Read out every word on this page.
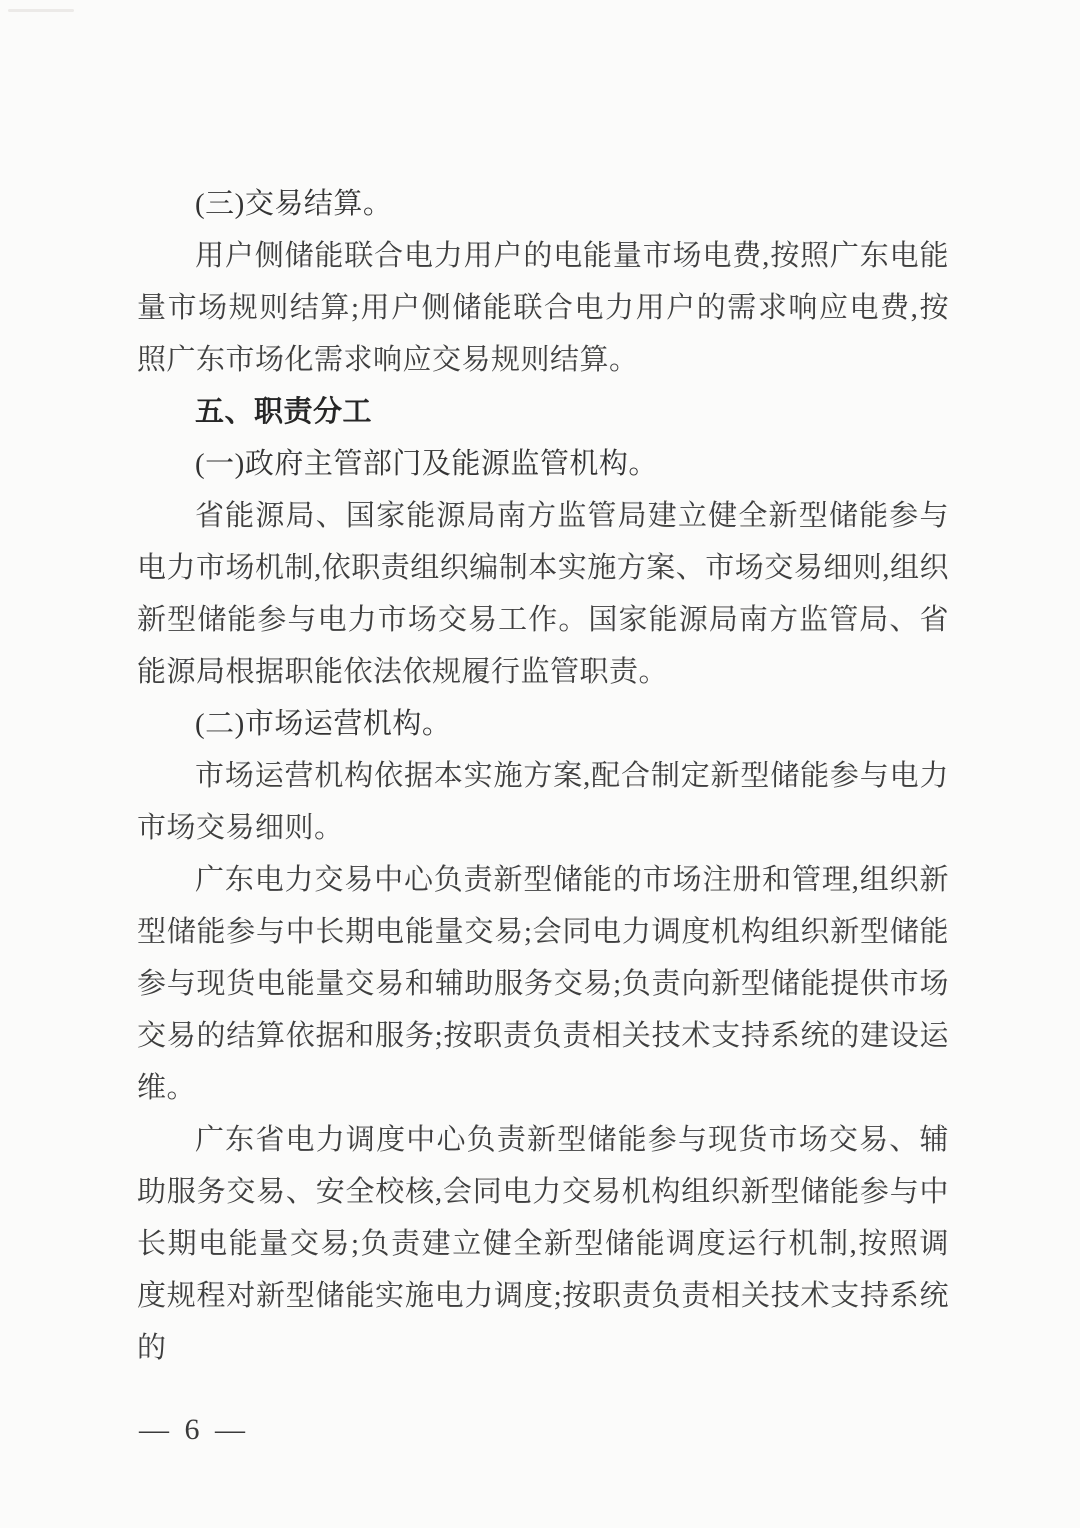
(三)交易结算。
用户侧储能联合电力用户的电能量市场电费,按照广东电能量市场规则结算;用户侧储能联合电力用户的需求响应电费,按照广东市场化需求响应交易规则结算。
五、职责分工
(一)政府主管部门及能源监管机构。
省能源局、国家能源局南方监管局建立健全新型储能参与电力市场机制,依职责组织编制本实施方案、市场交易细则,组织新型储能参与电力市场交易工作。国家能源局南方监管局、省能源局根据职能依法依规履行监管职责。
(二)市场运营机构。
市场运营机构依据本实施方案,配合制定新型储能参与电力市场交易细则。
广东电力交易中心负责新型储能的市场注册和管理,组织新型储能参与中长期电能量交易;会同电力调度机构组织新型储能参与现货电能量交易和辅助服务交易;负责向新型储能提供市场交易的结算依据和服务;按职责负责相关技术支持系统的建设运维。
广东省电力调度中心负责新型储能参与现货市场交易、辅助服务交易、安全校核,会同电力交易机构组织新型储能参与中长期电能量交易;负责建立健全新型储能调度运行机制,按照调度规程对新型储能实施电力调度;按职责负责相关技术支持系统的
— 6 —
